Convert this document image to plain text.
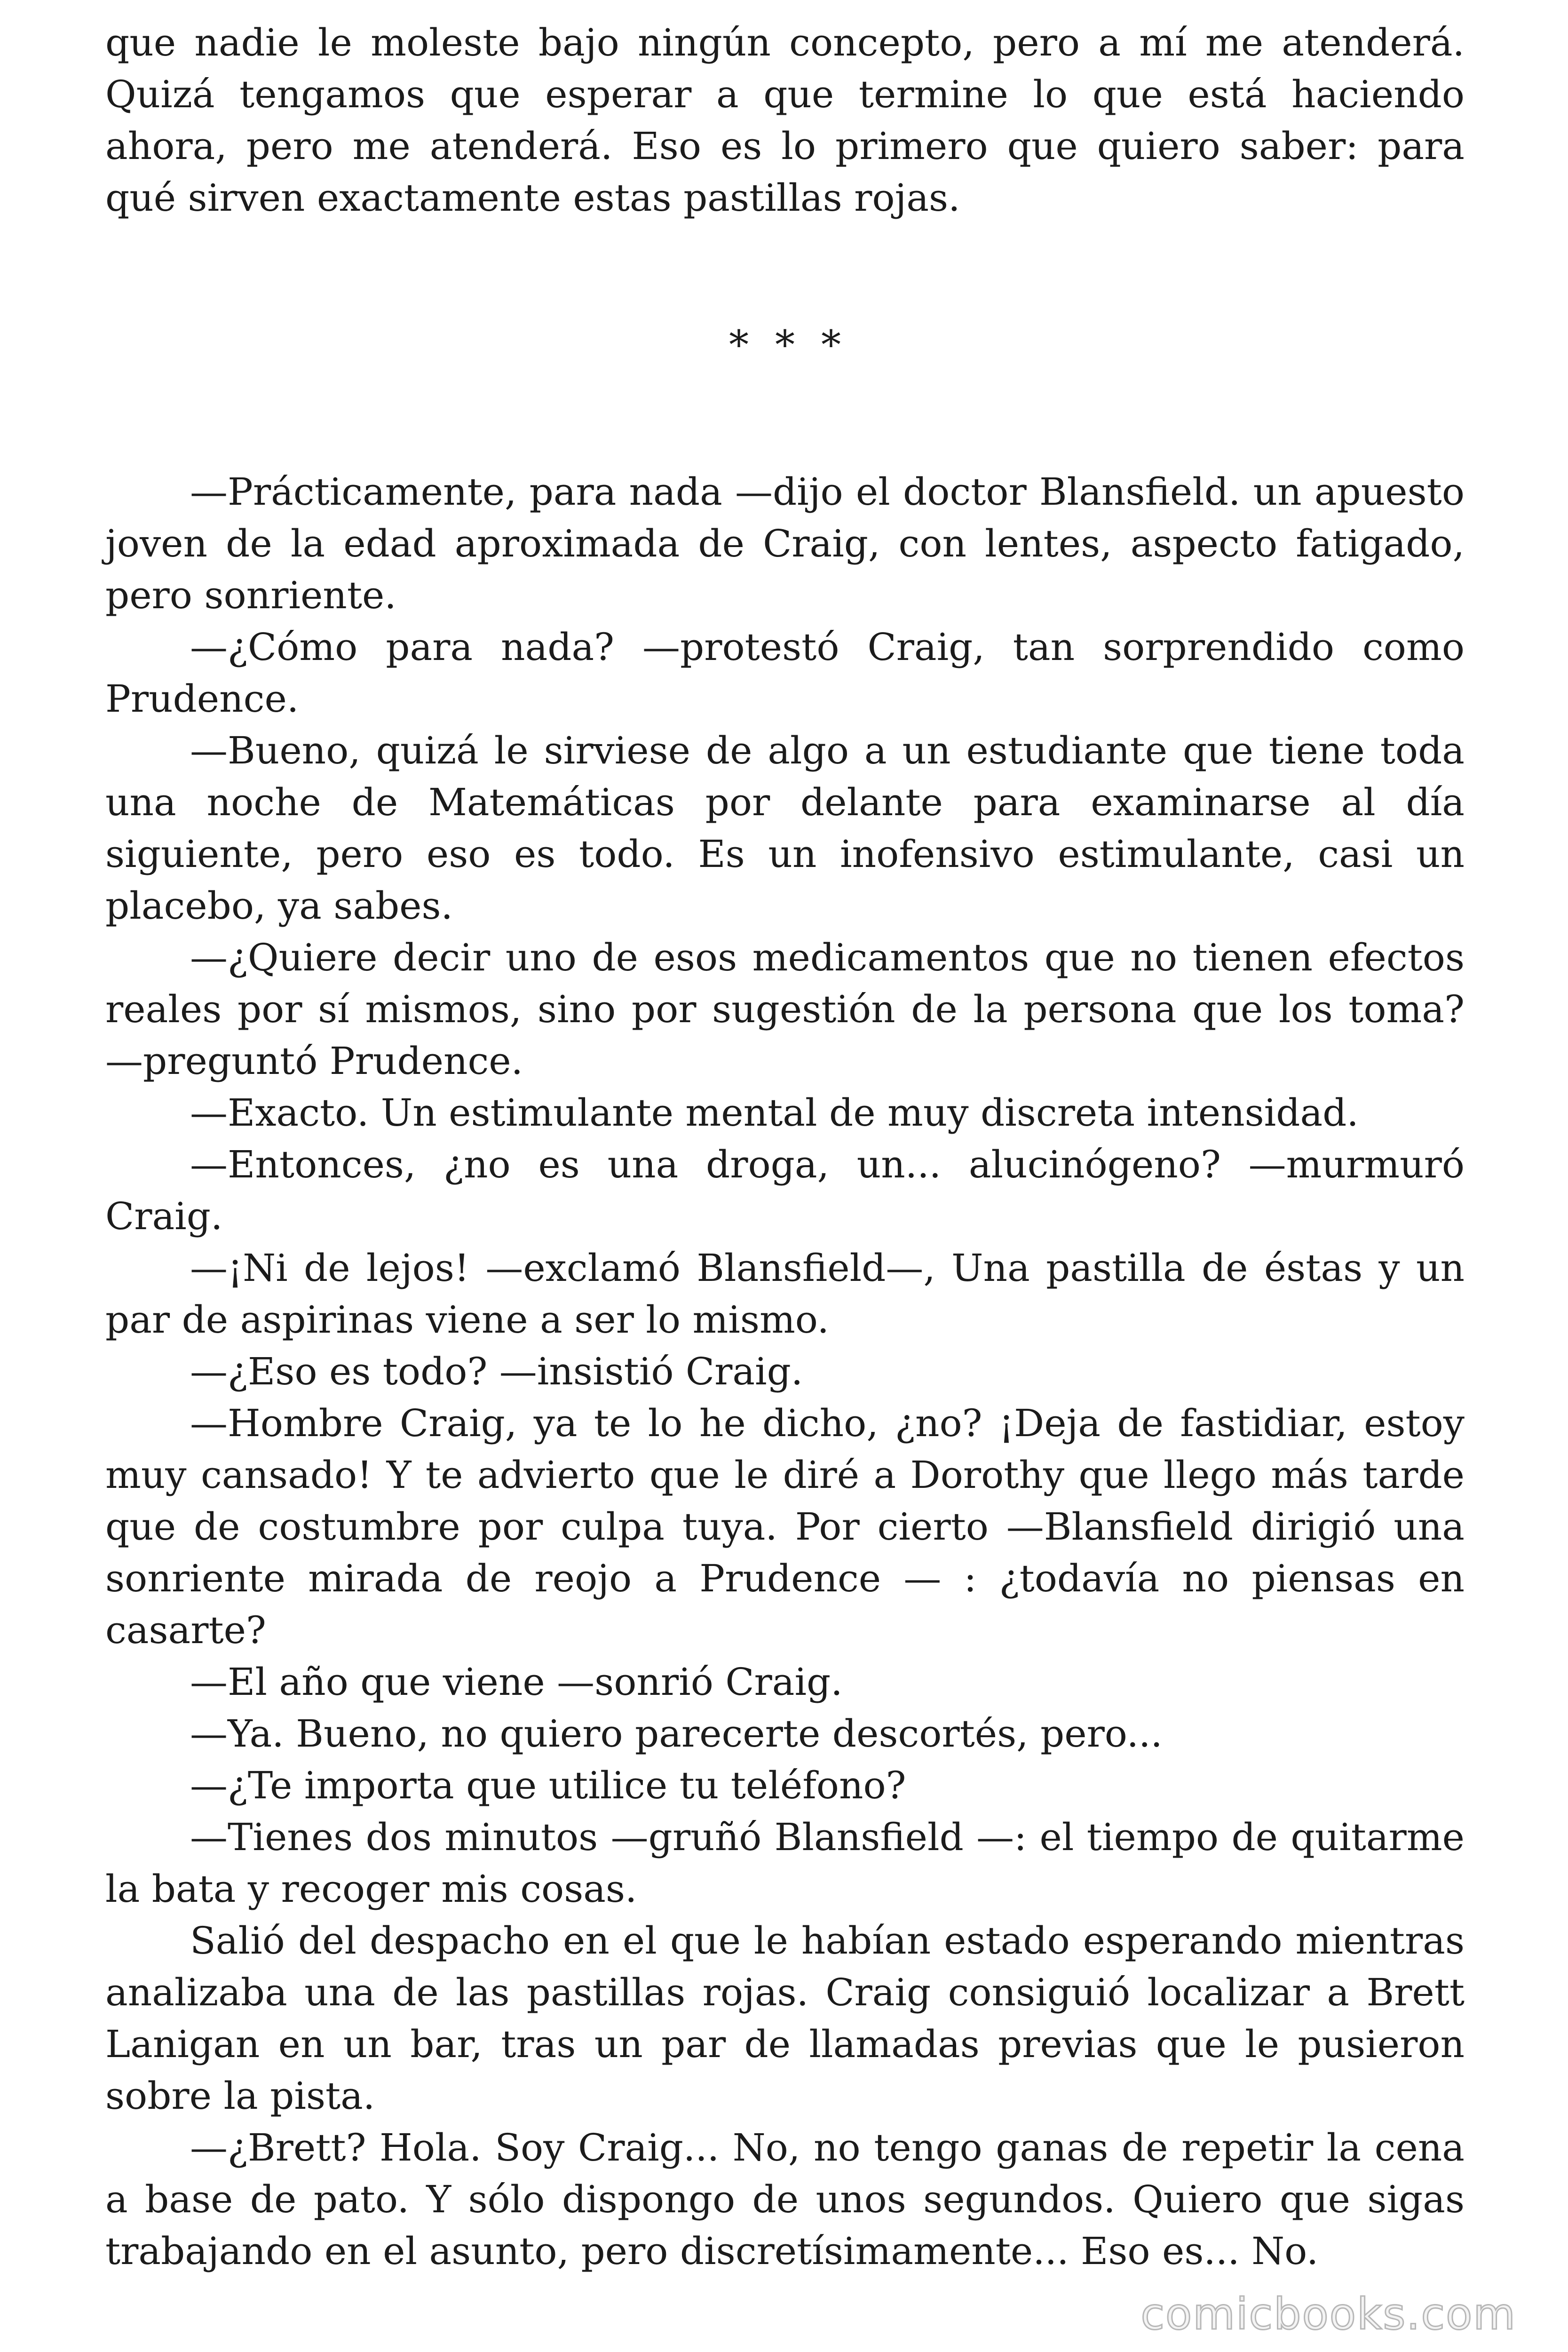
que nadie le moleste bajo ningún concepto, pero a mí me atenderá. Quizá tengamos que esperar a que termine lo que está haciendo ahora, pero me atenderá. Eso es lo primero que quiero saber: para qué sirven exactamente estas pastillas rojas.

* * *

—Prácticamente, para nada —dijo el doctor Blansfield. un apuesto joven de la edad aproximada de Craig, con lentes, aspecto fatigado, pero sonriente.

—¿Cómo para nada? —protestó Craig, tan sorprendido como Prudence.

—Bueno, quizá le sirviese de algo a un estudiante que tiene toda una noche de Matemáticas por delante para examinarse al día siguiente, pero eso es todo. Es un inofensivo estimulante, casi un placebo, ya sabes.

—¿Quiere decir uno de esos medicamentos que no tienen efectos reales por sí mismos, sino por sugestión de la persona que los toma? —preguntó Prudence.

—Exacto. Un estimulante mental de muy discreta intensidad.

—Entonces, ¿no es una droga, un... alucinógeno? —murmuró Craig.

—¡Ni de lejos! —exclamó Blansfield—, Una pastilla de éstas y un par de aspirinas viene a ser lo mismo.

—¿Eso es todo? —insistió Craig.

—Hombre Craig, ya te lo he dicho, ¿no? ¡Deja de fastidiar, estoy muy cansado! Y te advierto que le diré a Dorothy que llego más tarde que de costumbre por culpa tuya. Por cierto —Blansfield dirigió una sonriente mirada de reojo a Prudence — : ¿todavía no piensas en casarte?

—El año que viene —sonrió Craig.

—Ya. Bueno, no quiero parecerte descortés, pero...

—¿Te importa que utilice tu teléfono?

—Tienes dos minutos —gruñó Blansfield —: el tiempo de quitarme la bata y recoger mis cosas.

Salió del despacho en el que le habían estado esperando mientras analizaba una de las pastillas rojas. Craig consiguió localizar a Brett Lanigan en un bar, tras un par de llamadas previas que le pusieron sobre la pista.

—¿Brett? Hola. Soy Craig... No, no tengo ganas de repetir la cena a base de pato. Y sólo dispongo de unos segundos. Quiero que sigas trabajando en el asunto, pero discretísimamente... Eso es... No.

comicbooks.com
